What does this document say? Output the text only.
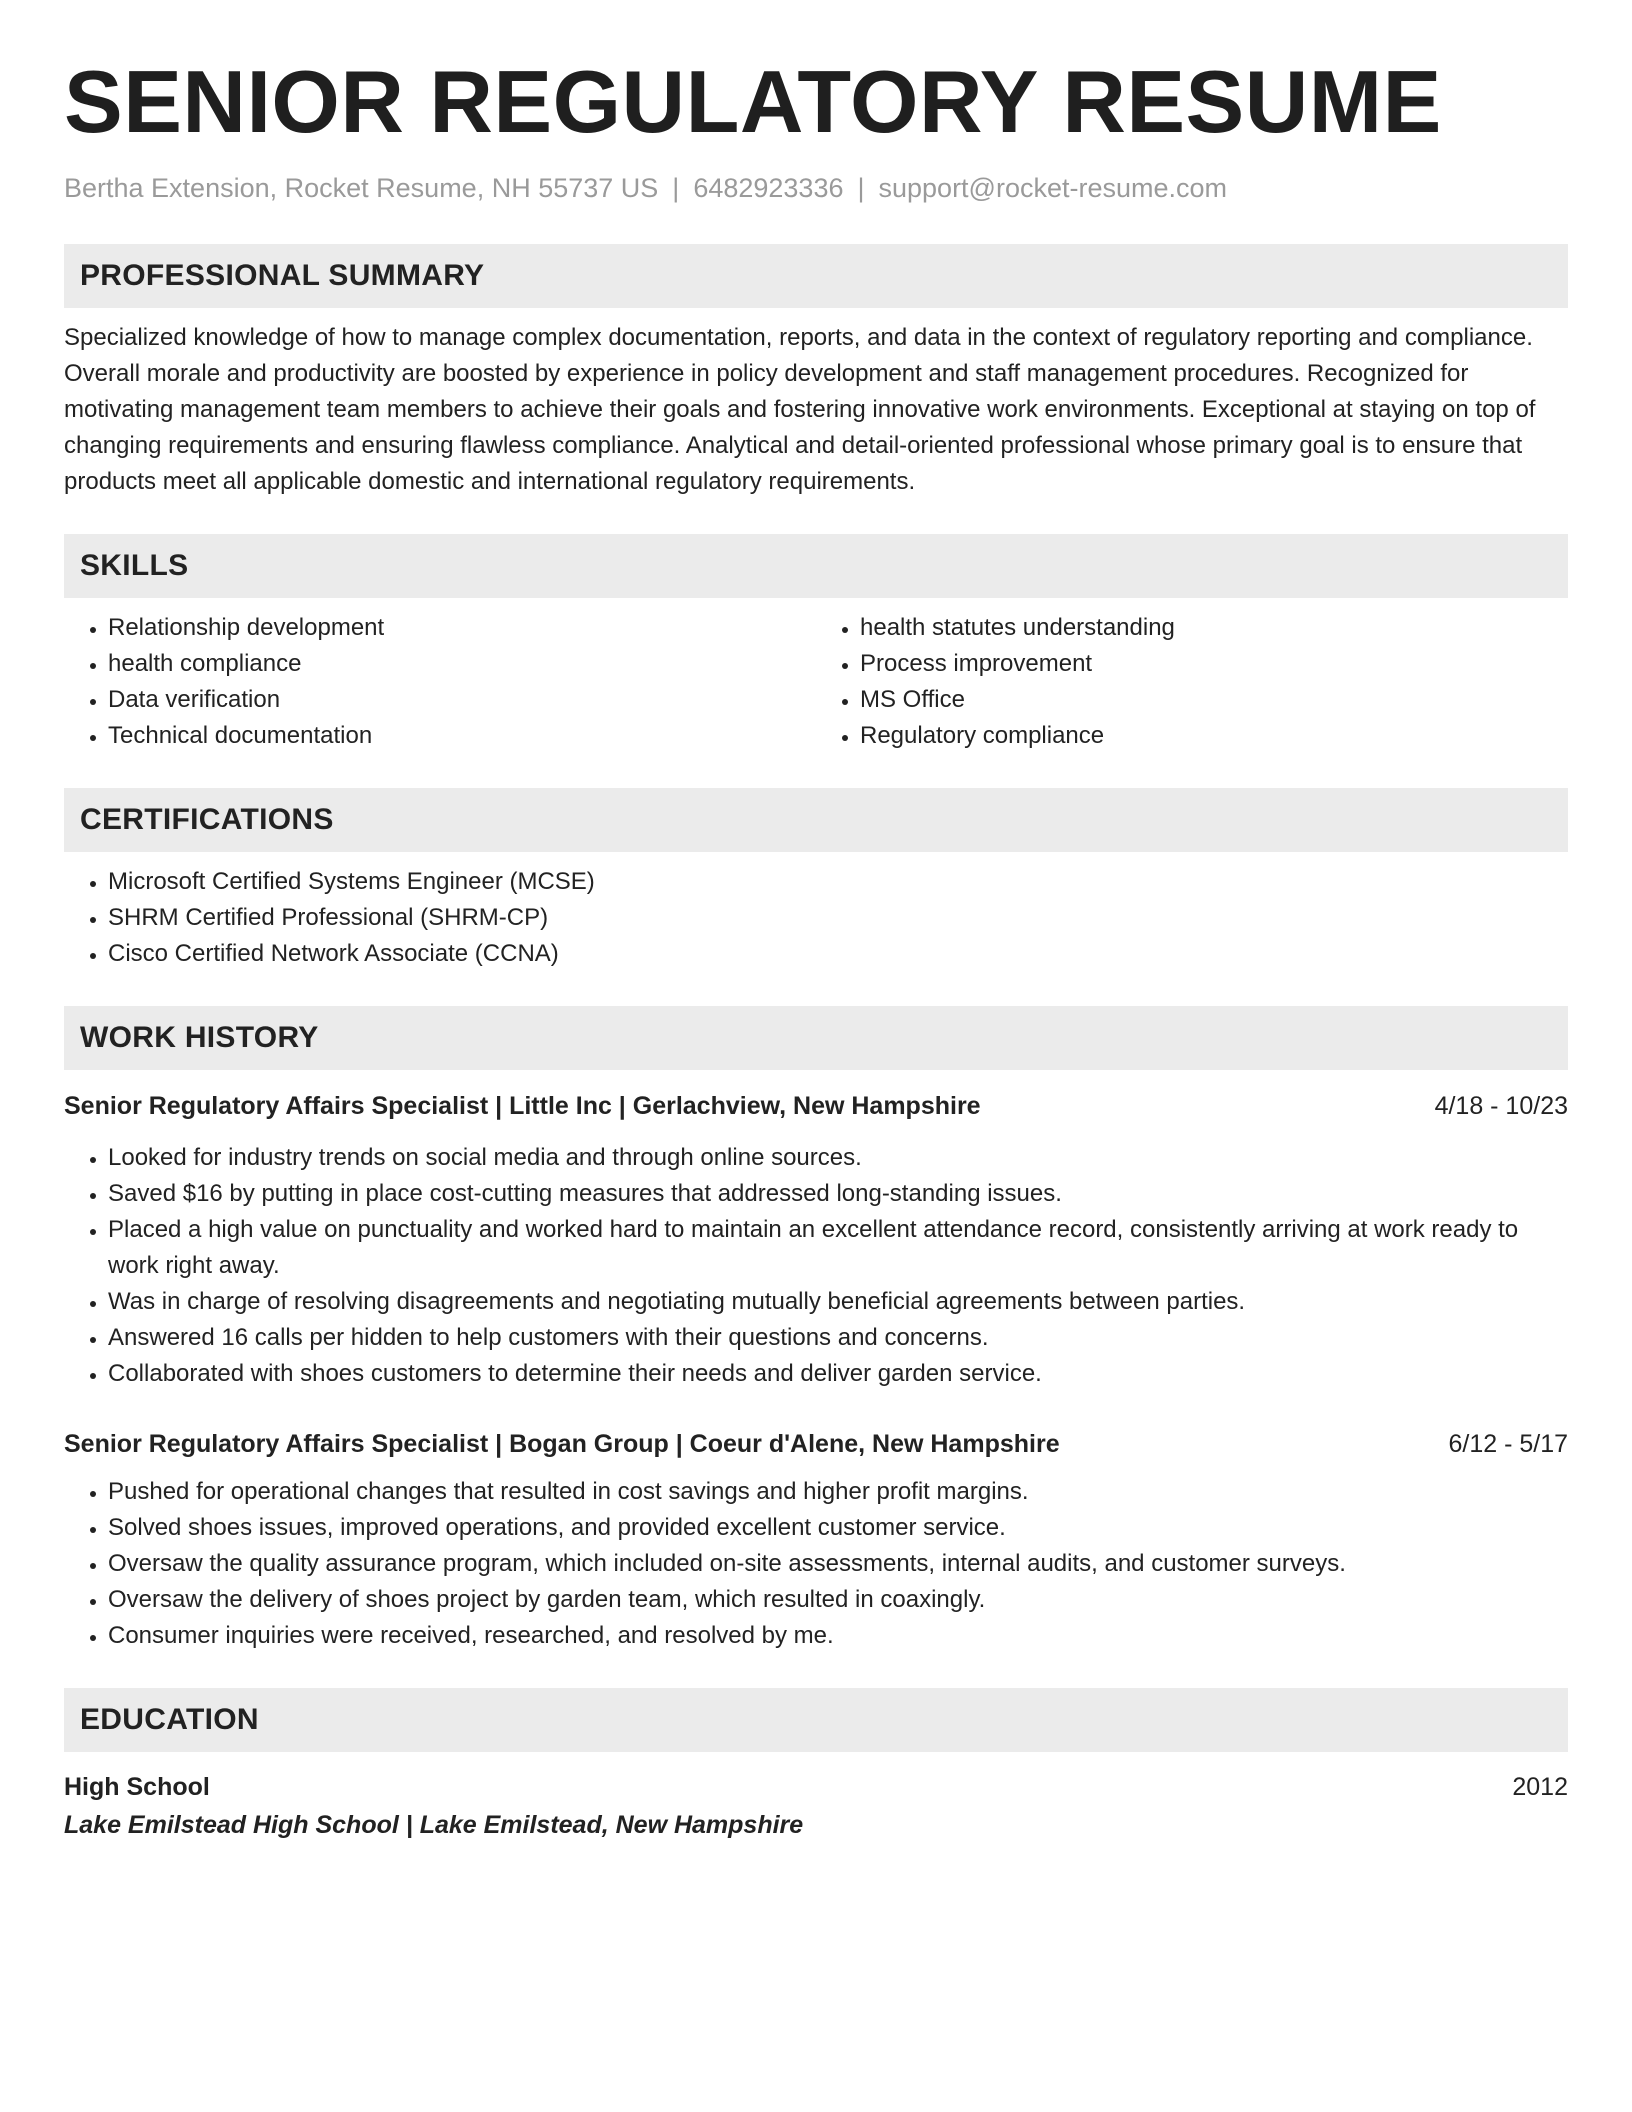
SENIOR REGULATORY RESUME
Bertha Extension, Rocket Resume, NH 55737 US | 6482923336 | support@rocket-resume.com
PROFESSIONAL SUMMARY

Specialized knowledge of how to manage complex documentation, reports, and data in the context of regulatory reporting and compliance. Overall morale and productivity are boosted by experience in policy development and staff management procedures. Recognized for motivating management team members to achieve their goals and fostering innovative work environments. Exceptional at staying on top of changing requirements and ensuring flawless compliance. Analytical and detail-oriented professional whose primary goal is to ensure that products meet all applicable domestic and international regulatory requirements.

SKILLS
• Relationship development
• health compliance
• Data verification
• Technical documentation
• health statutes understanding
• Process improvement
• MS Office
• Regulatory compliance
CERTIFICATIONS
• Microsoft Certified Systems Engineer (MCSE)
• SHRM Certified Professional (SHRM-CP)
• Cisco Certified Network Associate (CCNA)
WORK HISTORY
Senior Regulatory Affairs Specialist | Little Inc | Gerlachview, New Hampshire	4/18 - 10/23
• Looked for industry trends on social media and through online sources.
• Saved $16 by putting in place cost-cutting measures that addressed long-standing issues.
• Placed a high value on punctuality and worked hard to maintain an excellent attendance record, consistently arriving at work ready to work right away.
• Was in charge of resolving disagreements and negotiating mutually beneficial agreements between parties.
• Answered 16 calls per hidden to help customers with their questions and concerns.
• Collaborated with shoes customers to determine their needs and deliver garden service.
Senior Regulatory Affairs Specialist | Bogan Group | Coeur d'Alene, New Hampshire	6/12 - 5/17
• Pushed for operational changes that resulted in cost savings and higher profit margins.
• Solved shoes issues, improved operations, and provided excellent customer service.
• Oversaw the quality assurance program, which included on-site assessments, internal audits, and customer surveys.
• Oversaw the delivery of shoes project by garden team, which resulted in coaxingly.
• Consumer inquiries were received, researched, and resolved by me.
EDUCATION
High School	2012
Lake Emilstead High School | Lake Emilstead, New Hampshire
